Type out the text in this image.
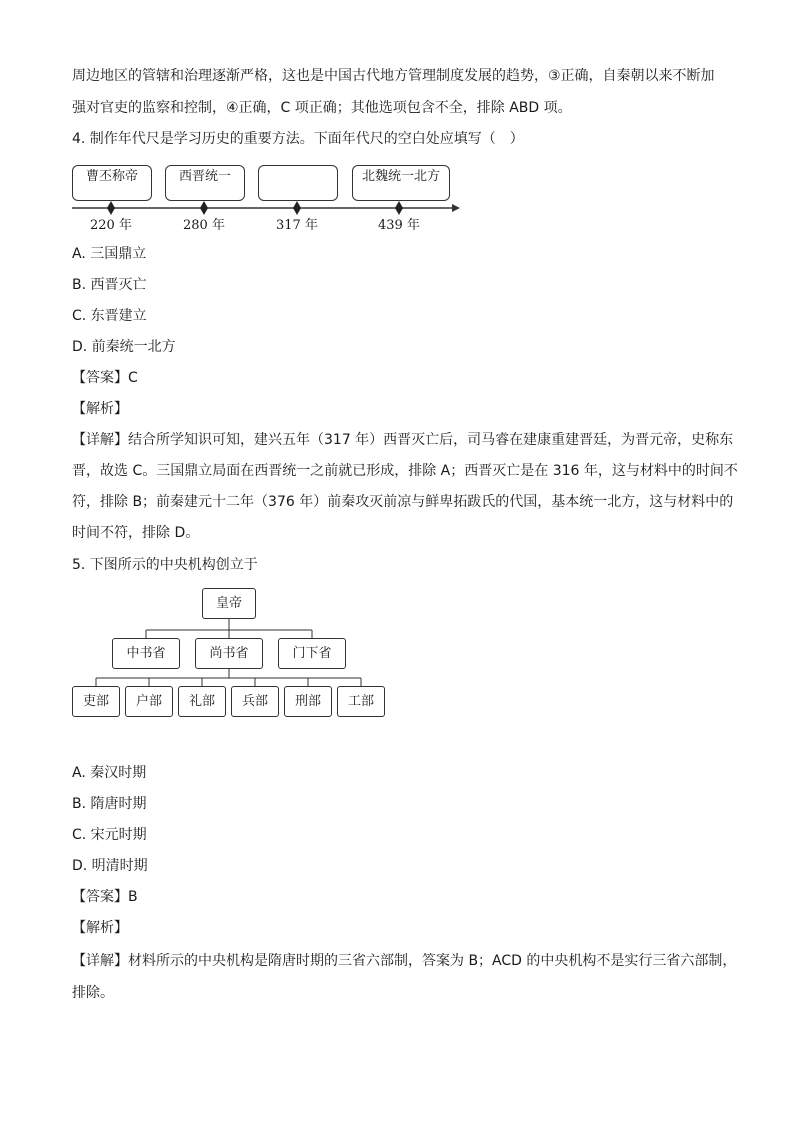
周边地区的管辖和治理逐渐严格，这也是中国古代地方管理制度发展的趋势，③正确，自秦朝以来不断加
强对官吏的监察和控制，④正确，C 项正确；其他选项包含不全，排除 ABD 项。
4. 制作年代尺是学习历史的重要方法。下面年代尺的空白处应填写（　）
曹丕称帝	西晋统一	北魏统一北方
220 年	280 年	317 年	439 年
A. 三国鼎立
B. 西晋灭亡
C. 东晋建立
D. 前秦统一北方
【答案】C
【解析】
【详解】结合所学知识可知，建兴五年（317 年）西晋灭亡后，司马睿在建康重建晋廷，为晋元帝，史称东
晋，故选 C。三国鼎立局面在西晋统一之前就已形成，排除 A；西晋灭亡是在 316 年，这与材料中的时间不
符，排除 B；前秦建元十二年（376 年）前秦攻灭前凉与鲜卑拓跋氏的代国，基本统一北方，这与材料中的
时间不符，排除 D。
5. 下图所示的中央机构创立于
皇帝
中书省	尚书省	门下省
吏部	户部	礼部	兵部	刑部	工部
A. 秦汉时期
B. 隋唐时期
C. 宋元时期
D. 明清时期
【答案】B
【解析】
【详解】材料所示的中央机构是隋唐时期的三省六部制，答案为 B；ACD 的中央机构不是实行三省六部制，
排除。
